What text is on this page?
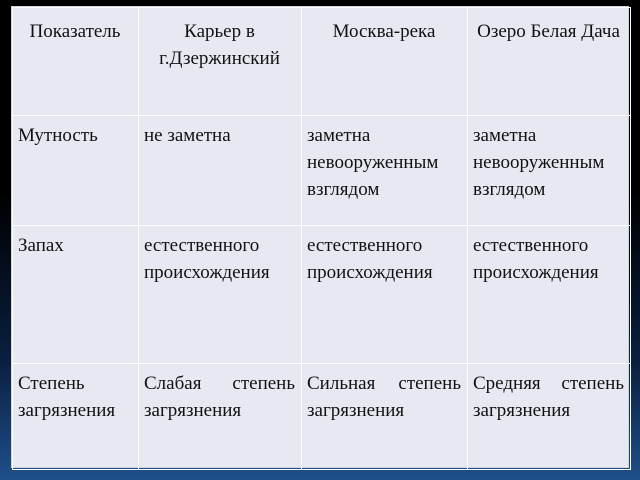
Показатель	Карьер в г.Дзержинский	Москва-река	Озеро Белая Дача
Мутность	не заметна	заметна невооруженным взглядом	заметна невооруженным взглядом
Запах	естественного происхождения	естественного происхождения	естественного происхождения
Степень загрязнения	Слабая степень загрязнения	Сильная степень загрязнения	Средняя степень загрязнения
